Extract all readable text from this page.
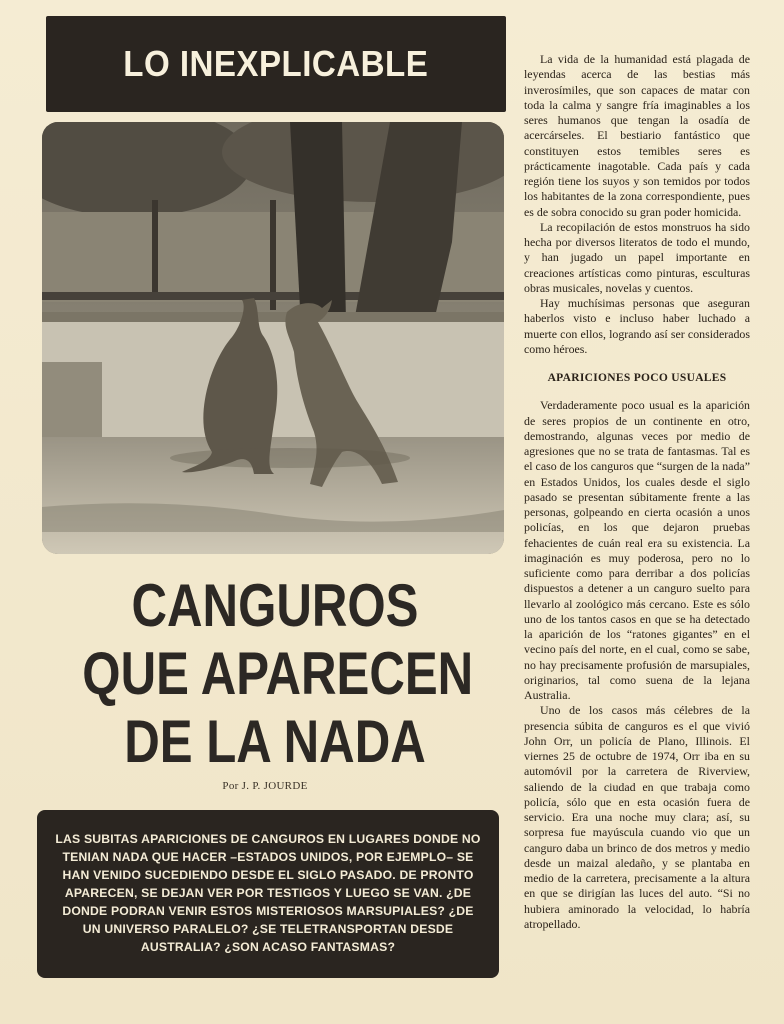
LO INEXPLICABLE
CANGUROS
QUE APARECEN
DE LA NADA
Por J. P. JOURDE
LAS SUBITAS APARICIONES DE CANGUROS EN LUGARES DONDE NO TENIAN NADA QUE HACER –ESTADOS UNIDOS, POR EJEMPLO– SE HAN VENIDO SUCEDIENDO DESDE EL SIGLO PASADO. DE PRONTO APARECEN, SE DEJAN VER POR TESTIGOS Y LUEGO SE VAN. ¿DE DONDE PODRAN VENIR ESTOS MISTERIOSOS MARSUPIALES? ¿DE UN UNIVERSO PARALELO? ¿SE TELETRANSPORTAN DESDE AUSTRALIA? ¿SON ACASO FANTASMAS?

La vida de la humanidad está plagada de leyendas acerca de las bestias más inverosímiles, que son capaces de matar con toda la calma y sangre fría imaginables a los seres humanos que tengan la osadía de acercárseles. El bestiario fantástico que constituyen estos temibles seres es prácticamente inagotable. Cada país y cada región tiene los suyos y son temidos por todos los habitantes de la zona correspondiente, pues es de sobra conocido su gran poder homicida.

La recopilación de estos monstruos ha sido hecha por diversos literatos de todo el mundo, y han jugado un papel importante en creaciones artísticas como pinturas, esculturas obras musicales, novelas y cuentos.

Hay muchísimas personas que aseguran haberlos visto e incluso haber luchado a muerte con ellos, logrando así ser considerados como héroes.

APARICIONES POCO USUALES

Verdaderamente poco usual es la aparición de seres propios de un continente en otro, demostrando, algunas veces por medio de agresiones que no se trata de fantasmas. Tal es el caso de los canguros que “surgen de la nada” en Estados Unidos, los cuales desde el siglo pasado se presentan súbitamente frente a las personas, golpeando en cierta ocasión a unos policías, en los que dejaron pruebas fehacientes de cuán real era su existencia. La imaginación es muy poderosa, pero no lo suficiente como para derribar a dos policías dispuestos a detener a un canguro suelto para llevarlo al zoológico más cercano. Este es sólo uno de los tantos casos en que se ha detectado la aparición de los “ratones gigantes” en el vecino país del norte, en el cual, como se sabe, no hay precisamente profusión de marsupiales, originarios, tal como suena de la lejana Australia.

Uno de los casos más célebres de la presencia súbita de canguros es el que vivió John Orr, un policía de Plano, Illinois. El viernes 25 de octubre de 1974, Orr iba en su automóvil por la carretera de Riverview, saliendo de la ciudad en que trabaja como policía, sólo que en esta ocasión fuera de servicio. Era una noche muy clara; así, su sorpresa fue mayúscula cuando vio que un canguro daba un brinco de dos metros y medio desde un maizal aledaño, y se plantaba en medio de la carretera, precisamente a la altura en que se dirigían las luces del auto. “Si no hubiera aminorado la velocidad, lo habría atropellado.
